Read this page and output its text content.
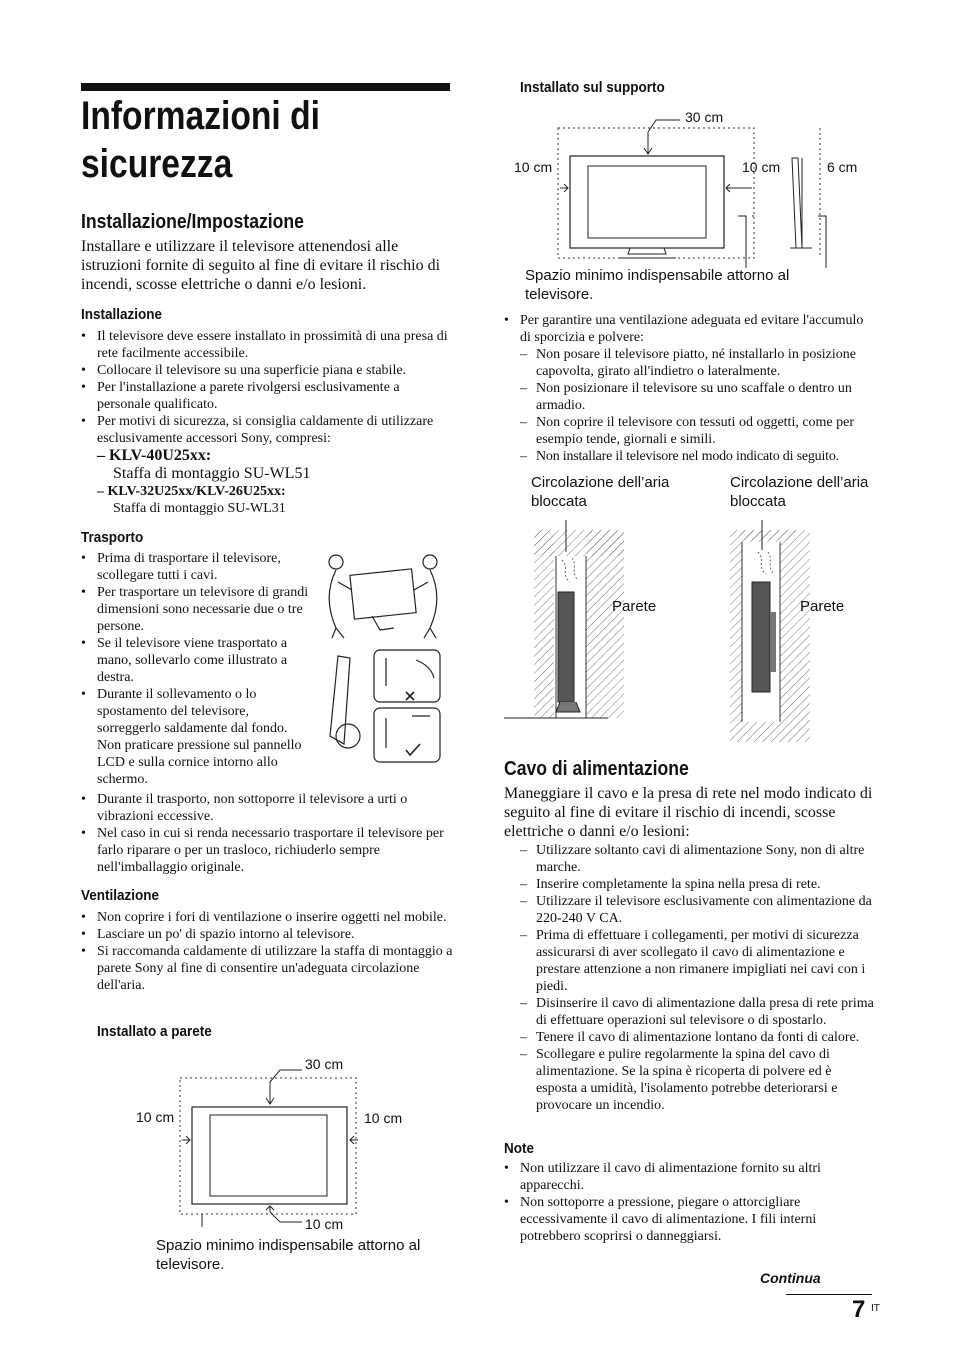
Informazioni di
sicurezza
Installazione/Impostazione
Installare e utilizzare il televisore attenendosi alle istruzioni fornite di seguito al fine di evitare il rischio di incendi, scosse elettriche o danni e/o lesioni.
Installazione
• Il televisore deve essere installato in prossimità di una presa di rete facilmente accessibile.
• Collocare il televisore su una superficie piana e stabile.
• Per l'installazione a parete rivolgersi esclusivamente a personale qualificato.
• Per motivi di sicurezza, si consiglia caldamente di utilizzare esclusivamente accessori Sony, compresi:
– KLV-40U25xx:
Staffa di montaggio SU-WL51
– KLV-32U25xx/KLV-26U25xx:
Staffa di montaggio SU-WL31
Trasporto
• Prima di trasportare il televisore, scollegare tutti i cavi.
• Per trasportare un televisore di grandi dimensioni sono necessarie due o tre persone.
• Se il televisore viene trasportato a mano, sollevarlo come illustrato a destra.
• Durante il sollevamento o lo spostamento del televisore, sorreggerlo saldamente dal fondo. Non praticare pressione sul pannello LCD e sulla cornice intorno allo schermo.
• Durante il trasporto, non sottoporre il televisore a urti o vibrazioni eccessive.
• Nel caso in cui si renda necessario trasportare il televisore per farlo riparare o per un trasloco, richiuderlo sempre nell'imballaggio originale.
Ventilazione
• Non coprire i fori di ventilazione o inserire oggetti nel mobile.
• Lasciare un po' di spazio intorno al televisore.
• Si raccomanda caldamente di utilizzare la staffa di montaggio a parete Sony al fine di consentire un'adeguata circolazione dell'aria.
Installato a parete
30 cm
10 cm	10 cm
10 cm
Spazio minimo indispensabile attorno al televisore.
Installato sul supporto
30 cm
10 cm	10 cm	6 cm
Spazio minimo indispensabile attorno al televisore.
• Per garantire una ventilazione adeguata ed evitare l'accumulo di sporcizia e polvere:
– Non posare il televisore piatto, né installarlo in posizione capovolta, girato all'indietro o lateralmente.
– Non posizionare il televisore su uno scaffale o dentro un armadio.
– Non coprire il televisore con tessuti od oggetti, come per esempio tende, giornali e simili.
– Non installare il televisore nel modo indicato di seguito.
Circolazione dell’aria bloccata
Circolazione dell’aria bloccata
Parete	Parete
Cavo di alimentazione
Maneggiare il cavo e la presa di rete nel modo indicato di seguito al fine di evitare il rischio di incendi, scosse elettriche o danni e/o lesioni:
– Utilizzare soltanto cavi di alimentazione Sony, non di altre marche.
– Inserire completamente la spina nella presa di rete.
– Utilizzare il televisore esclusivamente con alimentazione da 220-240 V CA.
– Prima di effettuare i collegamenti, per motivi di sicurezza assicurarsi di aver scollegato il cavo di alimentazione e prestare attenzione a non rimanere impigliati nei cavi con i piedi.
– Disinserire il cavo di alimentazione dalla presa di rete prima di effettuare operazioni sul televisore o di spostarlo.
– Tenere il cavo di alimentazione lontano da fonti di calore.
– Scollegare e pulire regolarmente la spina del cavo di alimentazione. Se la spina è ricoperta di polvere ed è esposta a umidità, l'isolamento potrebbe deteriorarsi e provocare un incendio.
Note
• Non utilizzare il cavo di alimentazione fornito su altri apparecchi.
• Non sottoporre a pressione, piegare o attorcigliare eccessivamente il cavo di alimentazione. I fili interni potrebbero scoprirsi o danneggiarsi.
Continua
7 IT
